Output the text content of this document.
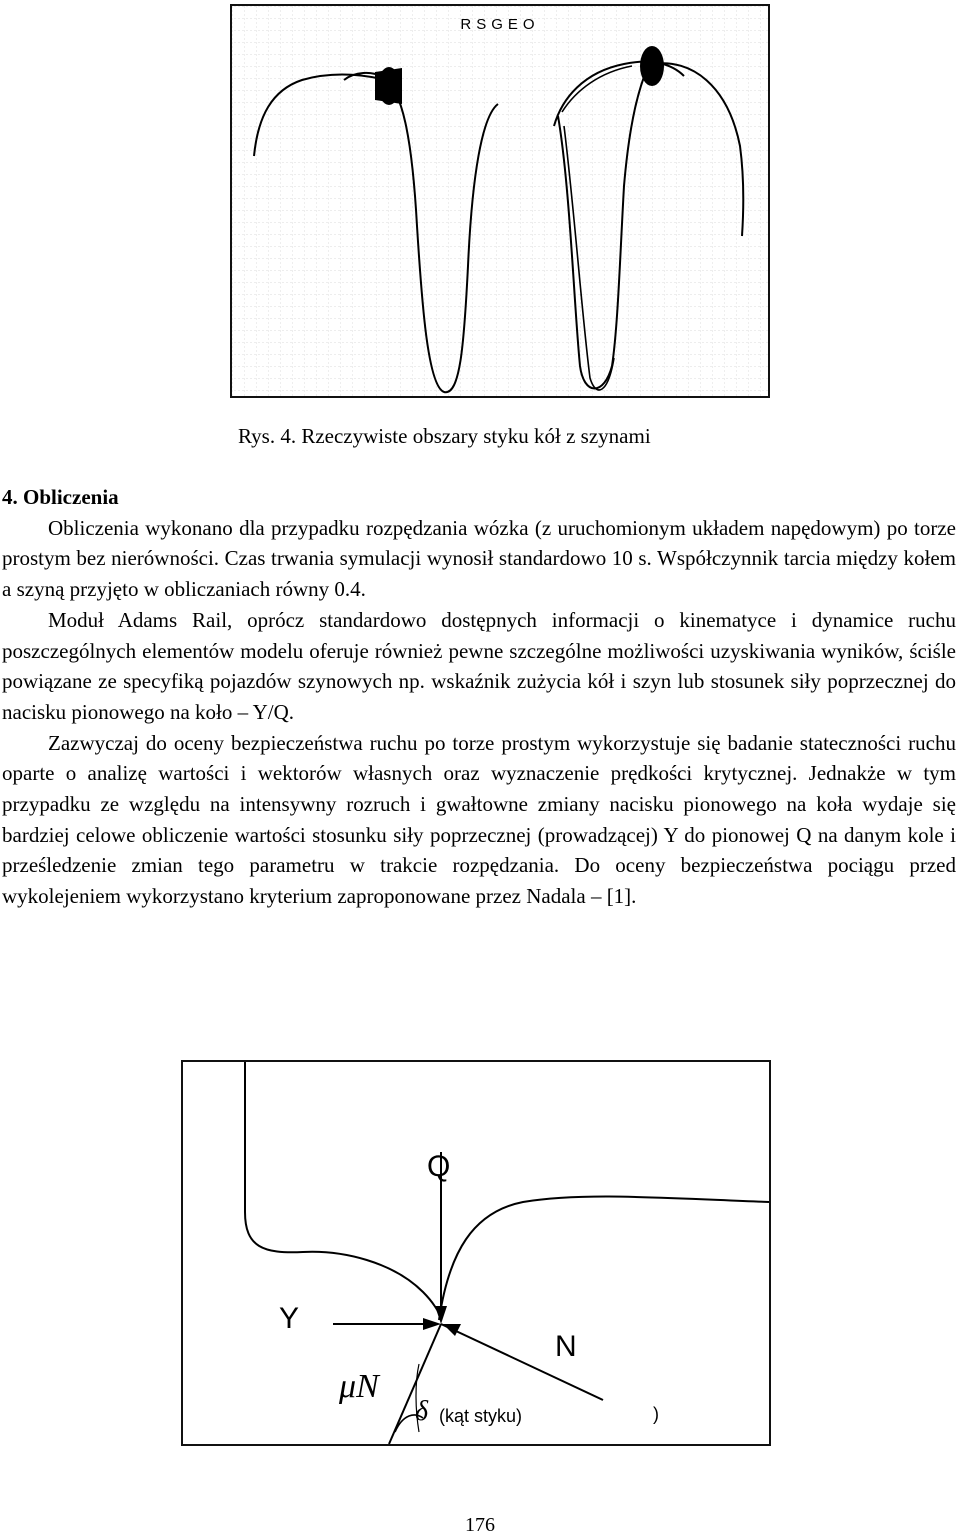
RSGEO
Rys. 4. Rzeczywiste obszary styku kół z szynami

4. Obliczenia

Obliczenia wykonano dla przypadku rozpędzania wózka (z uruchomionym układem napędowym) po torze prostym bez nierówności. Czas trwania symulacji wynosił standardowo 10 s. Współczynnik tarcia między kołem a szyną przyjęto w obliczaniach równy 0.4.

Moduł Adams Rail, oprócz standardowo dostępnych informacji o kinematyce i dynamice ruchu poszczególnych elementów modelu oferuje również pewne szczególne możliwości uzyskiwania wyników, ściśle powiązane ze specyfiką pojazdów szynowych np. wskaźnik zużycia kół i szyn lub stosunek siły poprzecznej do nacisku pionowego na koło – Y/Q.

Zazwyczaj do oceny bezpieczeństwa ruchu po torze prostym wykorzystuje się badanie stateczności ruchu oparte o analizę wartości i wektorów własnych oraz wyznaczenie prędkości krytycznej. Jednakże w tym przypadku ze względu na intensywny rozruch i gwałtowne zmiany nacisku pionowego na koła wydaje się bardziej celowe obliczenie wartości stosunku siły poprzecznej (prowadzącej) Y do pionowej Q na danym kole i prześledzenie zmian tego parametru w trakcie rozpędzania. Do oceny bezpieczeństwa pociągu przed wykolejeniem wykorzystano kryterium zaproponowane przez Nadala – [1].

Q
Y
N
μN
δ (kąt styku)	)
176
